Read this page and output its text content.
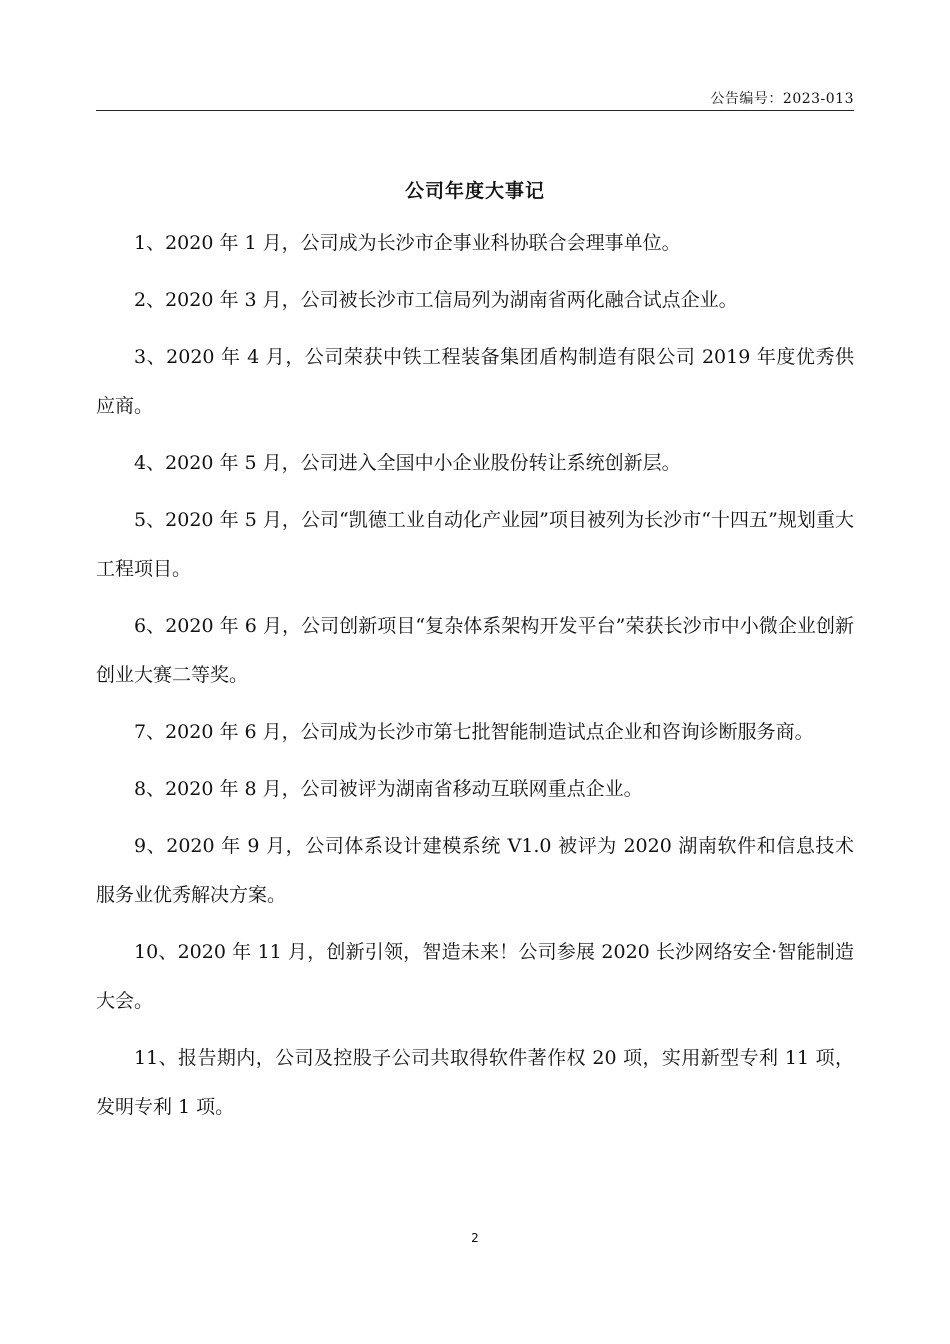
公告编号：2023-013
公司年度大事记

1、2020 年 1 月，公司成为长沙市企事业科协联合会理事单位。

2、2020 年 3 月，公司被长沙市工信局列为湖南省两化融合试点企业。

3、2020 年 4 月，公司荣获中铁工程装备集团盾构制造有限公司 2019 年度优秀供应商。

4、2020 年 5 月，公司进入全国中小企业股份转让系统创新层。

5、2020 年 5 月，公司“凯德工业自动化产业园”项目被列为长沙市“十四五”规划重大工程项目。

6、2020 年 6 月，公司创新项目“复杂体系架构开发平台”荣获长沙市中小微企业创新创业大赛二等奖。

7、2020 年 6 月，公司成为长沙市第七批智能制造试点企业和咨询诊断服务商。

8、2020 年 8 月，公司被评为湖南省移动互联网重点企业。

9、2020 年 9 月，公司体系设计建模系统 V1.0 被评为 2020 湖南软件和信息技术服务业优秀解决方案。

10、2020 年 11 月，创新引领，智造未来！公司参展 2020 长沙网络安全·智能制造大会。

11、报告期内，公司及控股子公司共取得软件著作权 20 项，实用新型专利 11 项，发明专利 1 项。

2
